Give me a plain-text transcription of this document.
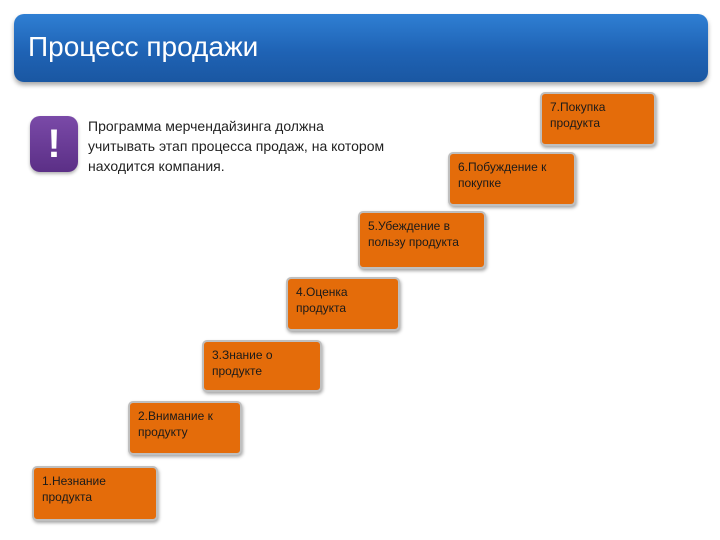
Процесс продажи
!	Программа мерчендайзинга должна учитывать этап процесса продаж, на котором находится компания.
1.Незнание продукта
2.Внимание к продукту
3.Знание о продукте
4.Оценка продукта
5.Убеждение в пользу продукта
6.Побуждение к покупке
7.Покупка продукта
